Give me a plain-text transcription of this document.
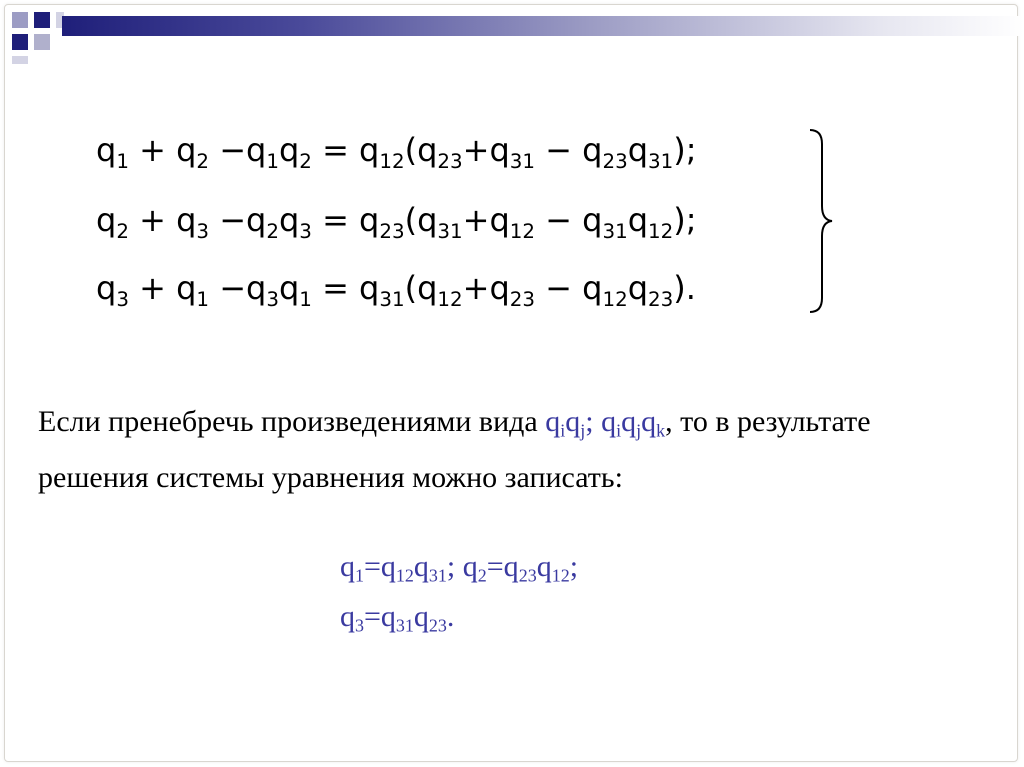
$q_1 + q_2 -q_1q_2 = q_{12}(q_{23}+q_{31} - q_{23}q_{31})$;
$q_2 + q_3 -q_2q_3 = q_{23}(q_{31}+q_{12} - q_{31}q_{12})$;
$q_3 + q_1 -q_3q_1 = q_{31}(q_{12}+q_{23} - q_{12}q_{23})$.
Если пренебречь произведениями вида $q_iq_j$; $q_iq_jq_k$, то в результате решения системы уравнения можно записать:
$q_1=q_{12}q_{31}$; $q_2=q_{23}q_{12}$;
$q_3=q_{31}q_{23}$.
